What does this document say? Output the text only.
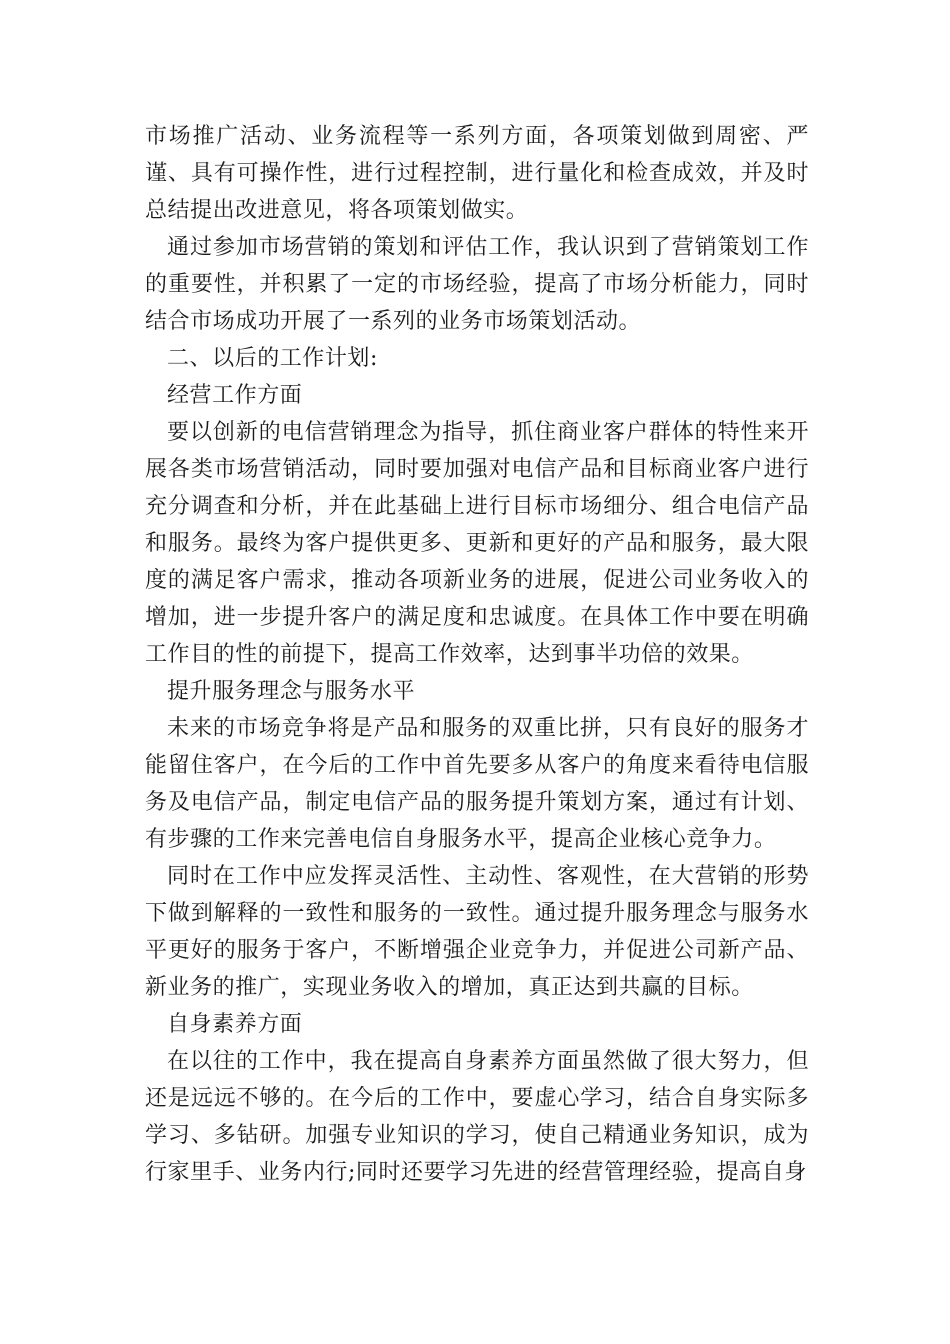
市场推广活动、业务流程等一系列方面，各项策划做到周密、严谨、具有可操作性，进行过程控制，进行量化和检查成效，并及时总结提出改进意见，将各项策划做实。

通过参加市场营销的策划和评估工作，我认识到了营销策划工作的重要性，并积累了一定的市场经验，提高了市场分析能力，同时结合市场成功开展了一系列的业务市场策划活动。

二、以后的工作计划:

经营工作方面

要以创新的电信营销理念为指导，抓住商业客户群体的特性来开展各类市场营销活动，同时要加强对电信产品和目标商业客户进行充分调查和分析，并在此基础上进行目标市场细分、组合电信产品和服务。最终为客户提供更多、更新和更好的产品和服务，最大限度的满足客户需求，推动各项新业务的进展，促进公司业务收入的增加，进一步提升客户的满足度和忠诚度。在具体工作中要在明确工作目的性的前提下，提高工作效率，达到事半功倍的效果。

提升服务理念与服务水平

未来的市场竞争将是产品和服务的双重比拼，只有良好的服务才能留住客户，在今后的工作中首先要多从客户的角度来看待电信服务及电信产品，制定电信产品的服务提升策划方案，通过有计划、有步骤的工作来完善电信自身服务水平，提高企业核心竞争力。

同时在工作中应发挥灵活性、主动性、客观性，在大营销的形势下做到解释的一致性和服务的一致性。通过提升服务理念与服务水平更好的服务于客户，不断增强企业竞争力，并促进公司新产品、新业务的推广，实现业务收入的增加，真正达到共赢的目标。

自身素养方面

在以往的工作中，我在提高自身素养方面虽然做了很大努力，但还是远远不够的。在今后的工作中，要虚心学习，结合自身实际多学习、多钻研。加强专业知识的学习，使自己精通业务知识，成为行家里手、业务内行;同时还要学习先进的经营管理经验，提高自身
